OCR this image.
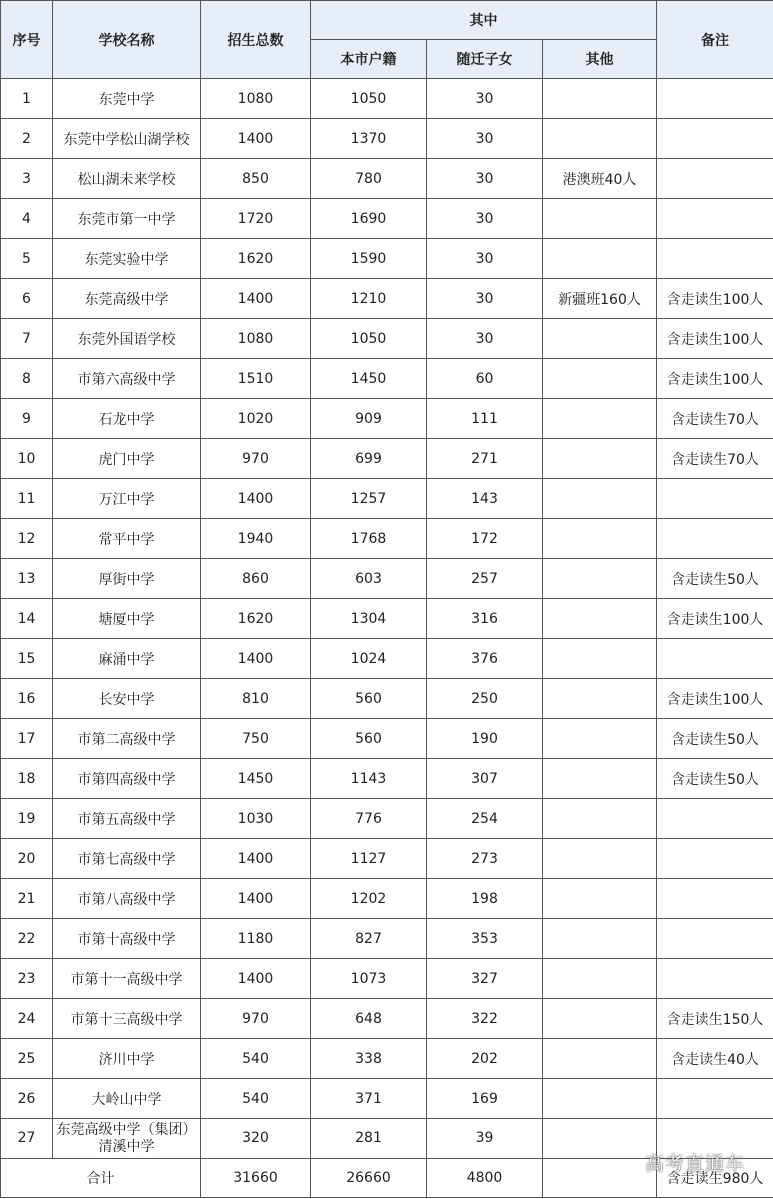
序号	学校名称	招生总数	其中			备注
			本市户籍	随迁子女	其他	
1	东莞中学	1080	1050	30		
2	东莞中学松山湖学校	1400	1370	30		
3	松山湖未来学校	850	780	30	港澳班40人	
4	东莞市第一中学	1720	1690	30		
5	东莞实验中学	1620	1590	30		
6	东莞高级中学	1400	1210	30	新疆班160人	含走读生100人
7	东莞外国语学校	1080	1050	30		含走读生100人
8	市第六高级中学	1510	1450	60		含走读生100人
9	石龙中学	1020	909	111		含走读生70人
10	虎门中学	970	699	271		含走读生70人
11	万江中学	1400	1257	143		
12	常平中学	1940	1768	172		
13	厚街中学	860	603	257		含走读生50人
14	塘厦中学	1620	1304	316		含走读生100人
15	麻涌中学	1400	1024	376		
16	长安中学	810	560	250		含走读生100人
17	市第二高级中学	750	560	190		含走读生50人
18	市第四高级中学	1450	1143	307		含走读生50人
19	市第五高级中学	1030	776	254		
20	市第七高级中学	1400	1127	273		
21	市第八高级中学	1400	1202	198		
22	市第十高级中学	1180	827	353		
23	市第十一高级中学	1400	1073	327		
24	市第十三高级中学	970	648	322		含走读生150人
25	济川中学	540	338	202		含走读生40人
26	大岭山中学	540	371	169		
27	东莞高级中学（集团）清溪中学	320	281	39		
合计		31660	26660	4800		含走读生980人
高考直通车
